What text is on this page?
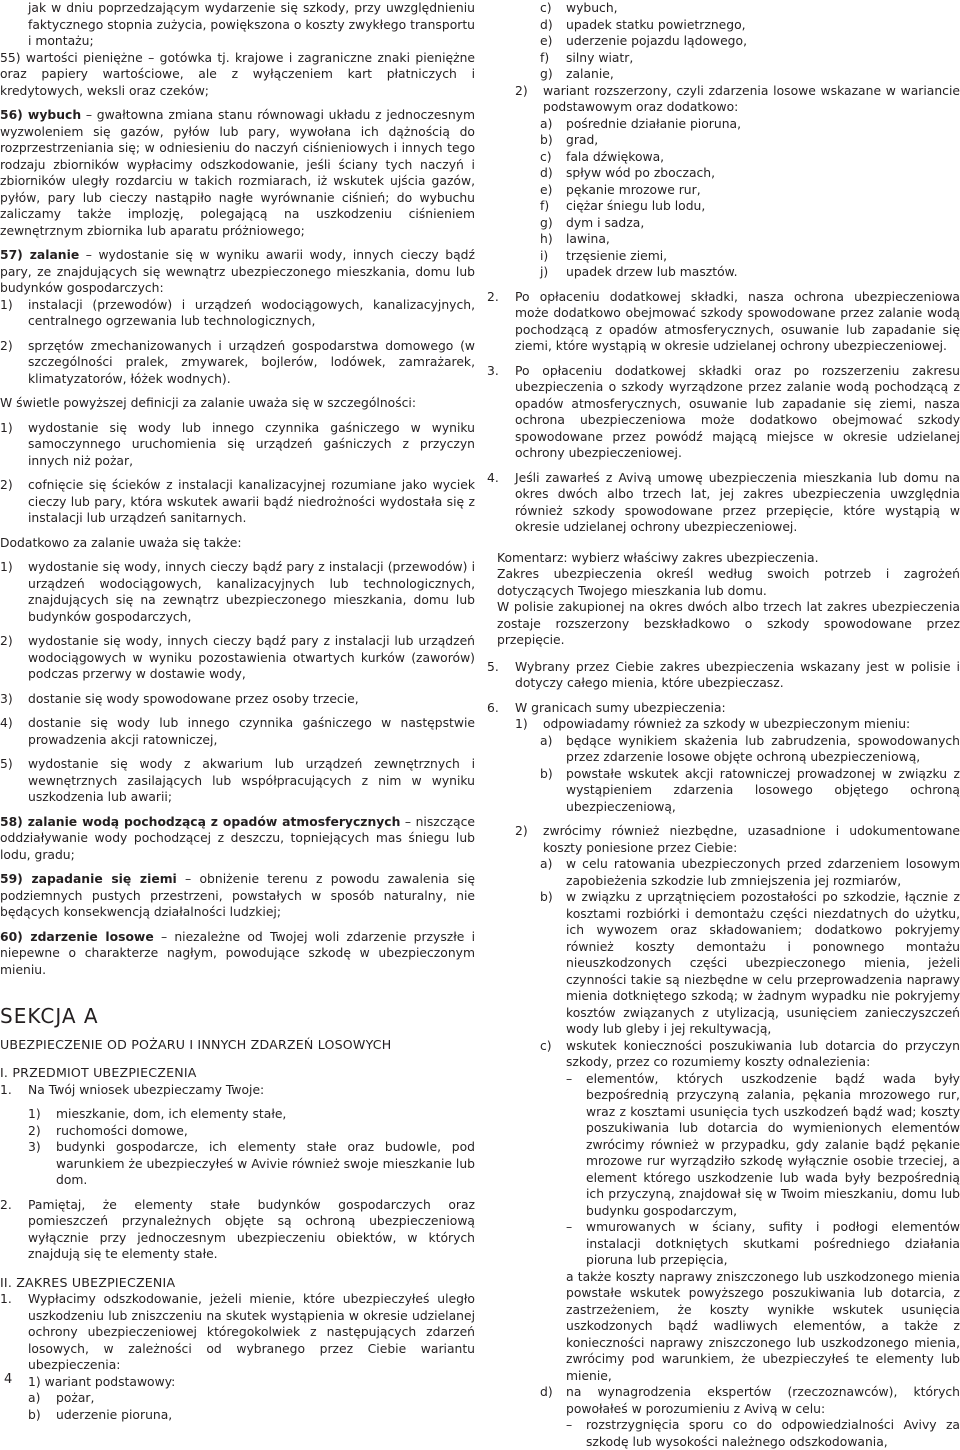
jak w dniu poprzedzającym wydarzenie się szkody, przy uwzględnieniu faktycznego stopnia zużycia, powiększona o koszty zwykłego transportu i montażu;
55) wartości pieniężne – gotówka tj. krajowe i zagraniczne znaki pieniężne oraz papiery wartościowe, ale z wyłączeniem kart płatniczych i kredytowych, weksli oraz czeków;
56) wybuch – gwałtowna zmiana stanu równowagi układu z jednoczesnym wyzwoleniem się gazów, pyłów lub pary, wywołana ich dążnością do rozprzestrzeniania się; w odniesieniu do naczyń ciśnieniowych i innych tego rodzaju zbiorników wypłacimy odszkodowanie, jeśli ściany tych naczyń i zbiorników uległy rozdarciu w takich rozmiarach, iż wskutek ujścia gazów, pyłów, pary lub cieczy nastąpiło nagłe wyrównanie ciśnień; do wybuchu zaliczamy także implozję, polegającą na uszkodzeniu ciśnieniem zewnętrznym zbiornika lub aparatu próżniowego;
57) zalanie – wydostanie się w wyniku awarii wody, innych cieczy bądź pary, ze znajdujących się wewnątrz ubezpieczonego mieszkania, domu lub budynków gospodarczych:
1) instalacji (przewodów) i urządzeń wodociągowych, kanalizacyjnych, centralnego ogrzewania lub technologicznych,
2) sprzętów zmechanizowanych i urządzeń gospodarstwa domowego (w szczególności pralek, zmywarek, bojlerów, lodówek, zamrażarek, klimatyzatorów, łóżek wodnych).
W świetle powyższej definicji za zalanie uważa się w szczególności:
1) wydostanie się wody lub innego czynnika gaśniczego w wyniku samoczynnego uruchomienia się urządzeń gaśniczych z przyczyn innych niż pożar,
2) cofnięcie się ścieków z instalacji kanalizacyjnej rozumiane jako wyciek cieczy lub pary, która wskutek awarii bądź niedrożności wydostała się z instalacji lub urządzeń sanitarnych.
Dodatkowo za zalanie uważa się także:
1) wydostanie się wody, innych cieczy bądź pary z instalacji (przewodów) i urządzeń wodociągowych, kanalizacyjnych lub technologicznych, znajdujących się na zewnątrz ubezpieczonego mieszkania, domu lub budynków gospodarczych,
2) wydostanie się wody, innych cieczy bądź pary z instalacji lub urządzeń wodociągowych w wyniku pozostawienia otwartych kurków (zaworów) podczas przerwy w dostawie wody,
3) dostanie się wody spowodowane przez osoby trzecie,
4) dostanie się wody lub innego czynnika gaśniczego w następstwie prowadzenia akcji ratowniczej,
5) wydostanie się wody z akwarium lub urządzeń zewnętrznych i wewnętrznych zasilających lub współpracujących z nim w wyniku uszkodzenia lub awarii;
58) zalanie wodą pochodzącą z opadów atmosferycznych – niszczące oddziaływanie wody pochodzącej z deszczu, topniejących mas śniegu lub lodu, gradu;
59) zapadanie się ziemi – obniżenie terenu z powodu zawalenia się podziemnych pustych przestrzeni, powstałych w sposób naturalny, nie będących konsekwencją działalności ludzkiej;
60) zdarzenie losowe – niezależne od Twojej woli zdarzenie przyszłe i niepewne o charakterze nagłym, powodujące szkodę w ubezpieczonym mieniu.
SEKCJA A
UBEZPIECZENIE OD POŻARU I INNYCH ZDARZEŃ LOSOWYCH
I. PRZEDMIOT UBEZPIECZENIA
1. Na Twój wniosek ubezpieczamy Twoje:
1) mieszkanie, dom, ich elementy stałe,
2) ruchomości domowe,
3) budynki gospodarcze, ich elementy stałe oraz budowle, pod warunkiem że ubezpieczyłeś w Avivie również swoje mieszkanie lub dom.
2. Pamiętaj, że elementy stałe budynków gospodarczych oraz pomieszczeń przynależnych objęte są ochroną ubezpieczeniową wyłącznie przy jednoczesnym ubezpieczeniu obiektów, w których znajdują się te elementy stałe.
II. ZAKRES UBEZPIECZENIA
1. Wypłacimy odszkodowanie, jeżeli mienie, które ubezpieczyłeś uległo uszkodzeniu lub zniszczeniu na skutek wystąpienia w okresie udzielanej ochrony ubezpieczeniowej któregokolwiek z następujących zdarzeń losowych, w zależności od wybranego przez Ciebie wariantu ubezpieczenia:
1) wariant podstawowy:
a) pożar,
b) uderzenie pioruna,
4
c) wybuch,
d) upadek statku powietrznego,
e) uderzenie pojazdu lądowego,
f) silny wiatr,
g) zalanie,
2) wariant rozszerzony, czyli zdarzenia losowe wskazane w wariancie podstawowym oraz dodatkowo:
a) pośrednie działanie pioruna,
b) grad,
c) fala dźwiękowa,
d) spływ wód po zboczach,
e) pękanie mrozowe rur,
f) ciężar śniegu lub lodu,
g) dym i sadza,
h) lawina,
i) trzęsienie ziemi,
j) upadek drzew lub masztów.
2. Po opłaceniu dodatkowej składki, nasza ochrona ubezpieczeniowa może dodatkowo obejmować szkody spowodowane przez zalanie wodą pochodzącą z opadów atmosferycznych, osuwanie lub zapadanie się ziemi, które wystąpią w okresie udzielanej ochrony ubezpieczeniowej.
3. Po opłaceniu dodatkowej składki oraz po rozszerzeniu zakresu ubezpieczenia o szkody wyrządzone przez zalanie wodą pochodzącą z opadów atmosferycznych, osuwanie lub zapadanie się ziemi, nasza ochrona ubezpieczeniowa może dodatkowo obejmować szkody spowodowane przez powódź mającą miejsce w okresie udzielanej ochrony ubezpieczeniowej.
4. Jeśli zawarłeś z Avivą umowę ubezpieczenia mieszkania lub domu na okres dwóch albo trzech lat, jej zakres ubezpieczenia uwzględnia również szkody spowodowane przez przepięcie, które wystąpią w okresie udzielanej ochrony ubezpieczeniowej.
Komentarz: wybierz właściwy zakres ubezpieczenia.
Zakres ubezpieczenia określ według swoich potrzeb i zagrożeń dotyczących Twojego mieszkania lub domu.
W polisie zakupionej na okres dwóch albo trzech lat zakres ubezpieczenia zostaje rozszerzony bezskładkowo o szkody spowodowane przez przepięcie.
5. Wybrany przez Ciebie zakres ubezpieczenia wskazany jest w polisie i dotyczy całego mienia, które ubezpieczasz.
6. W granicach sumy ubezpieczenia:
1) odpowiadamy również za szkody w ubezpieczonym mieniu:
a) będące wynikiem skażenia lub zabrudzenia, spowodowanych przez zdarzenie losowe objęte ochroną ubezpieczeniową,
b) powstałe wskutek akcji ratowniczej prowadzonej w związku z wystąpieniem zdarzenia losowego objętego ochroną ubezpieczeniową,
2) zwrócimy również niezbędne, uzasadnione i udokumentowane koszty poniesione przez Ciebie:
a) w celu ratowania ubezpieczonych przed zdarzeniem losowym zapobieżenia szkodzie lub zmniejszenia jej rozmiarów,
b) w związku z uprzątnięciem pozostałości po szkodzie, łącznie z kosztami rozbiórki i demontażu części niezdatnych do użytku, ich wywozem oraz składowaniem; dodatkowo pokryjemy również koszty demontażu i ponownego montażu nieuszkodzonych części ubezpieczonego mienia, jeżeli czynności takie są niezbędne w celu przeprowadzenia naprawy mienia dotkniętego szkodą; w żadnym wypadku nie pokryjemy kosztów związanych z utylizacją, usunięciem zanieczyszczeń wody lub gleby i jej rekultywacją,
c) wskutek konieczności poszukiwania lub dotarcia do przyczyn szkody, przez co rozumiemy koszty odnalezienia:
– elementów, których uszkodzenie bądź wada były bezpośrednią przyczyną zalania, pękania mrozowego rur, wraz z kosztami usunięcia tych uszkodzeń bądź wad; koszty poszukiwania lub dotarcia do wymienionych elementów zwrócimy również w przypadku, gdy zalanie bądź pękanie mrozowe rur wyrządziło szkodę wyłącznie osobie trzeciej, a element którego uszkodzenie lub wada były bezpośrednią ich przyczyną, znajdował się w Twoim mieszkaniu, domu lub budynku gospodarczym,
– wmurowanych w ściany, sufity i podłogi elementów instalacji dotkniętych skutkami pośredniego działania pioruna lub przepięcia,
a także koszty naprawy zniszczonego lub uszkodzonego mienia powstałe wskutek powyższego poszukiwania lub dotarcia, z zastrzeżeniem, że koszty wynikłe wskutek usunięcia uszkodzonych bądź wadliwych elementów, a także z konieczności naprawy zniszczonego lub uszkodzonego mienia, zwrócimy pod warunkiem, że ubezpieczyłeś te elementy lub mienie,
d) na wynagrodzenia ekspertów (rzeczoznawców), których powołałeś w porozumieniu z Avivą w celu:
– rozstrzygnięcia sporu co do odpowiedzialności Avivy za szkodę lub wysokości należnego odszkodowania,
